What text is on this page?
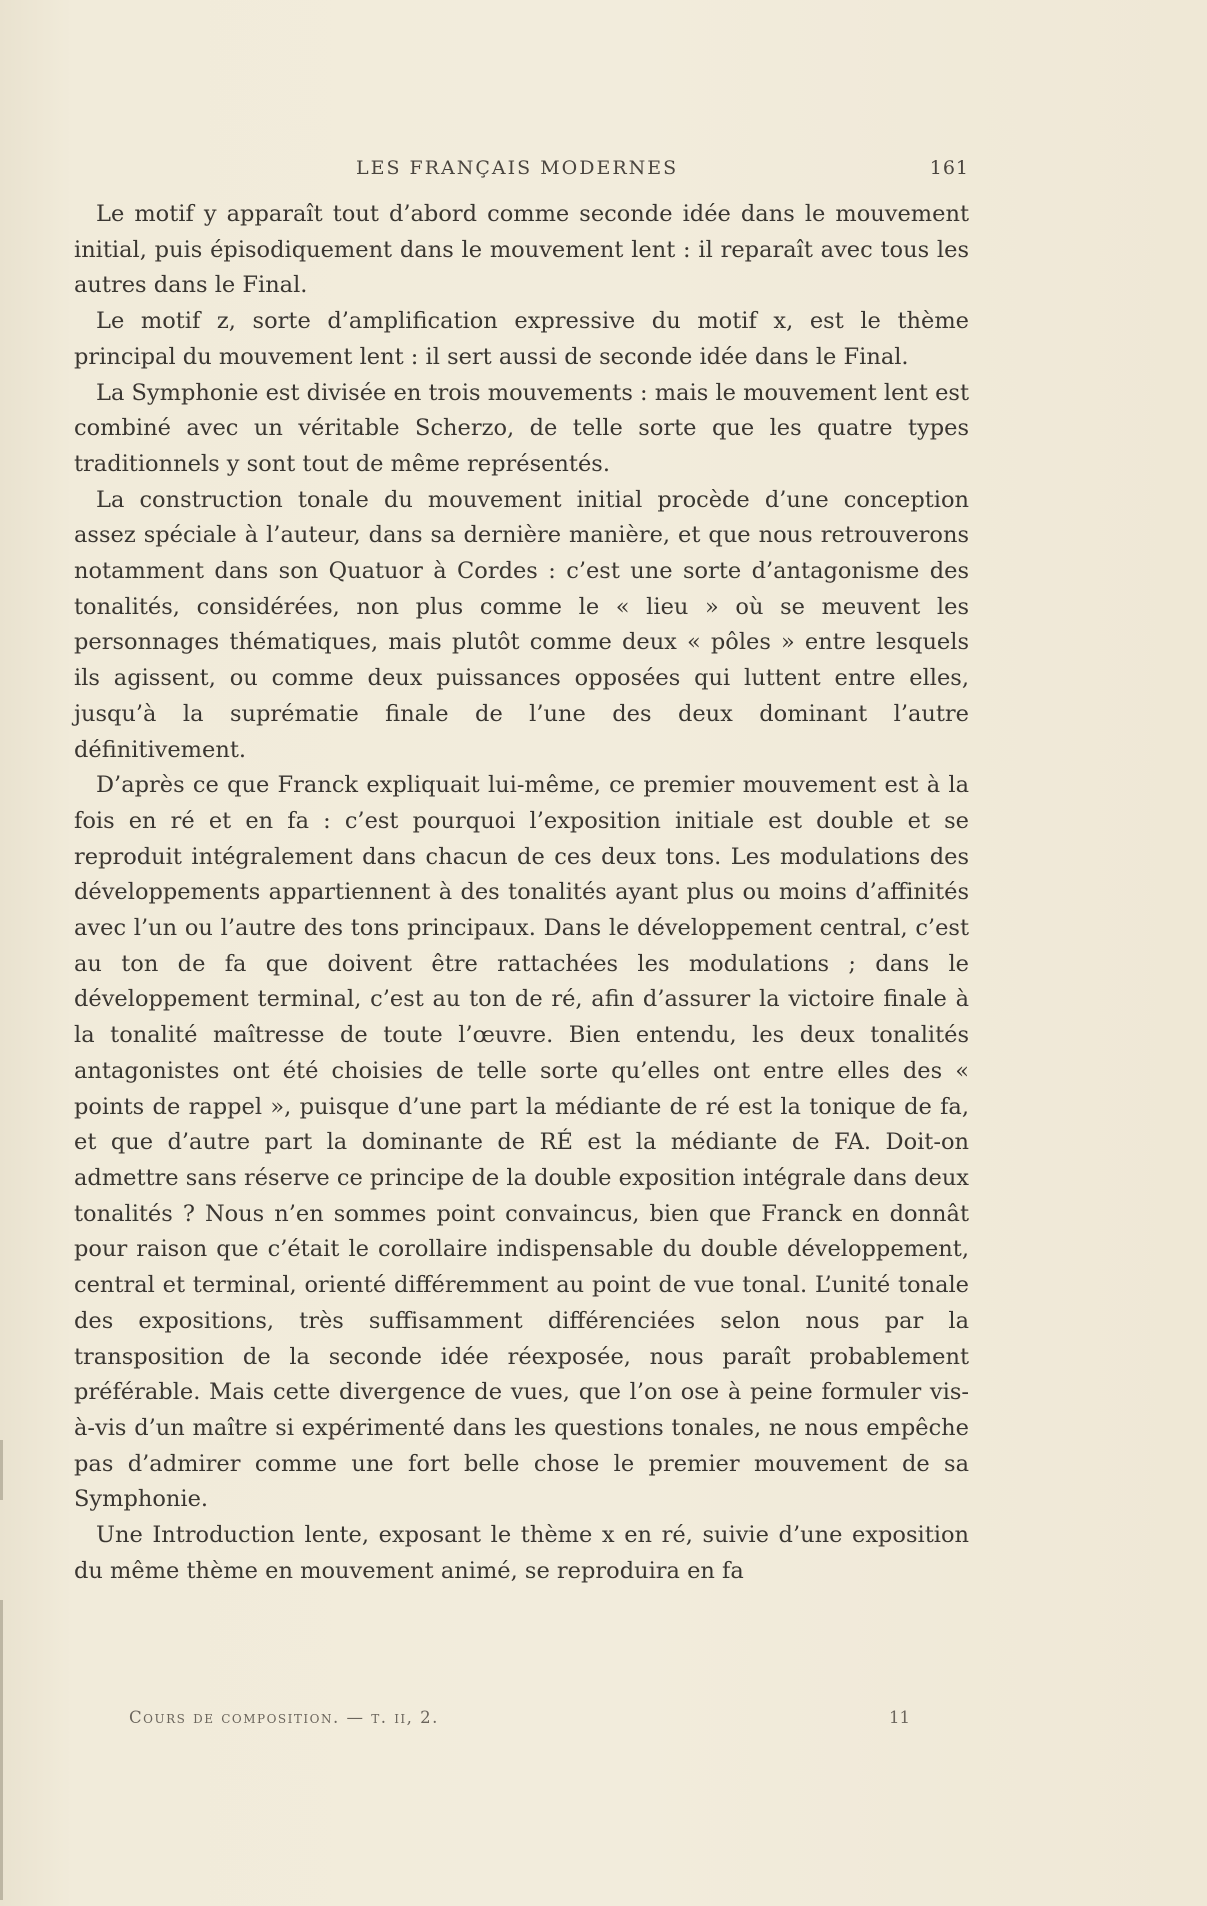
LES FRANÇAIS MODERNES	161

Le motif y apparaît tout d’abord comme seconde idée dans le mouvement initial, puis épisodiquement dans le mouvement lent : il reparaît avec tous les autres dans le Final.

Le motif z, sorte d’amplification expressive du motif x, est le thème principal du mouvement lent : il sert aussi de seconde idée dans le Final.

La Symphonie est divisée en trois mouvements : mais le mouvement lent est combiné avec un véritable Scherzo, de telle sorte que les quatre types traditionnels y sont tout de même représentés.

La construction tonale du mouvement initial procède d’une conception assez spéciale à l’auteur, dans sa dernière manière, et que nous retrouverons notamment dans son Quatuor à Cordes : c’est une sorte d’antagonisme des tonalités, considérées, non plus comme le « lieu » où se meuvent les personnages thématiques, mais plutôt comme deux « pôles » entre lesquels ils agissent, ou comme deux puissances opposées qui luttent entre elles, jusqu’à la suprématie finale de l’une des deux dominant l’autre définitivement.

D’après ce que Franck expliquait lui-même, ce premier mouvement est à la fois en ré et en fa : c’est pourquoi l’exposition initiale est double et se reproduit intégralement dans chacun de ces deux tons. Les modulations des développements appartiennent à des tonalités ayant plus ou moins d’affinités avec l’un ou l’autre des tons principaux. Dans le développement central, c’est au ton de fa que doivent être rattachées les modulations ; dans le développement terminal, c’est au ton de ré, afin d’assurer la victoire finale à la tonalité maîtresse de toute l’œuvre. Bien entendu, les deux tonalités antagonistes ont été choisies de telle sorte qu’elles ont entre elles des « points de rappel », puisque d’une part la médiante de ré est la tonique de fa, et que d’autre part la dominante de RÉ est la médiante de FA. Doit-on admettre sans réserve ce principe de la double exposition intégrale dans deux tonalités ? Nous n’en sommes point convaincus, bien que Franck en donnât pour raison que c’était le corollaire indispensable du double développement, central et terminal, orienté différemment au point de vue tonal. L’unité tonale des expositions, très suffisamment différenciées selon nous par la transposition de la seconde idée réexposée, nous paraît probablement préférable. Mais cette divergence de vues, que l’on ose à peine formuler vis-à-vis d’un maître si expérimenté dans les questions tonales, ne nous empêche pas d’admirer comme une fort belle chose le premier mouvement de sa Symphonie.

Une Introduction lente, exposant le thème x en ré, suivie d’une exposition du même thème en mouvement animé, se reproduira en fa

Cours de composition. — t. ii, 2.	11
